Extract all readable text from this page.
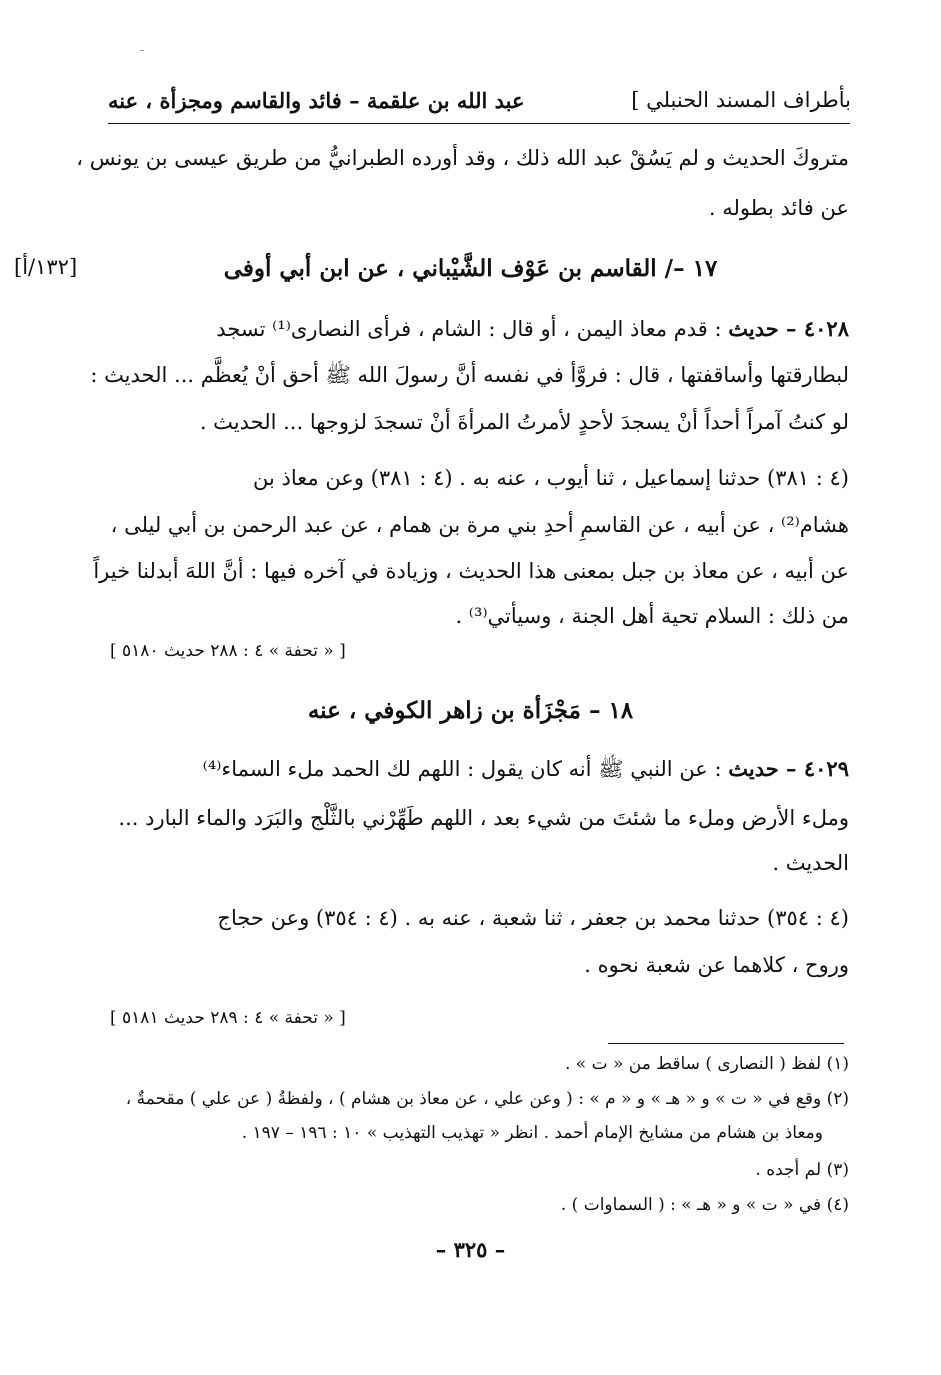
بأطراف المسند الحنبلي ]
عبد الله بن علقمة – فائد والقاسم ومجزأة ، عنه
متروكَ الحديث و لم يَسُقْ عبد الله ذلك ، وقد أورده الطبرانيُّ من طريق عيسى بن يونس ،
عن فائد بطوله .
١٧ –/ القاسم بن عَوْف الشَّيْباني ، عن ابن أبي أوفى
[١٣٢/أ]
٤٠٢٨ – حديث : قدم معاذ اليمن ، أو قال : الشام ، فرأى النصارى⁽¹⁾ تسجد
لبطارقتها وأساقفتها ، قال : فروَّأ في نفسه أنَّ رسولَ الله ﷺ أحق أنْ يُعظَّم ... الحديث :
لو كنتُ آمراً أحداً أنْ يسجدَ لأحدٍ لأمرتُ المرأةَ أنْ تسجدَ لزوجها ... الحديث .
(٤ : ٣٨١) حدثنا إسماعيل ، ثنا أيوب ، عنه به . (٤ : ٣٨١) وعن معاذ بن
هشام⁽²⁾ ، عن أبيه ، عن القاسمِ أحدِ بني مرة بن همام ، عن عبد الرحمن بن أبي ليلى ،
عن أبيه ، عن معاذ بن جبل بمعنى هذا الحديث ، وزيادة في آخره فيها : أنَّ اللهَ أبدلنا خيراً
من ذلك : السلام تحية أهل الجنة ، وسيأتي⁽³⁾ .
[ « تحفة » ٤ : ٢٨٨ حديث ٥١٨٠ ]
١٨ – مَجْزَأة بن زاهر الكوفي ، عنه
٤٠٢٩ – حديث : عن النبي ﷺ أنه كان يقول : اللهم لك الحمد ملء السماء⁽⁴⁾
وملء الأرض وملء ما شئتَ من شيء بعد ، اللهم طَهِّرْني بالثَّلْج والبَرَد والماء البارد ...
الحديث .
(٤ : ٣٥٤) حدثنا محمد بن جعفر ، ثنا شعبة ، عنه به . (٤ : ٣٥٤) وعن حجاج
وروح ، كلاهما عن شعبة نحوه .
[ « تحفة » ٤ : ٢٨٩ حديث ٥١٨١ ]
(١) لفظ ( النصارى ) ساقط من « ت » .
(٢) وقع في « ت » و « هـ » و « م » : ( وعن علي ، عن معاذ بن هشام ) ، ولفظةُ ( عن علي ) مقحمةٌ ،
ومعاذ بن هشام من مشايخ الإمام أحمد . انظر « تهذيب التهذيب » ١٠ : ١٩٦ – ١٩٧ .
(٣) لم أجده .
(٤) في « ت » و « هـ » : ( السماوات ) .
– ٣٢٥ –
